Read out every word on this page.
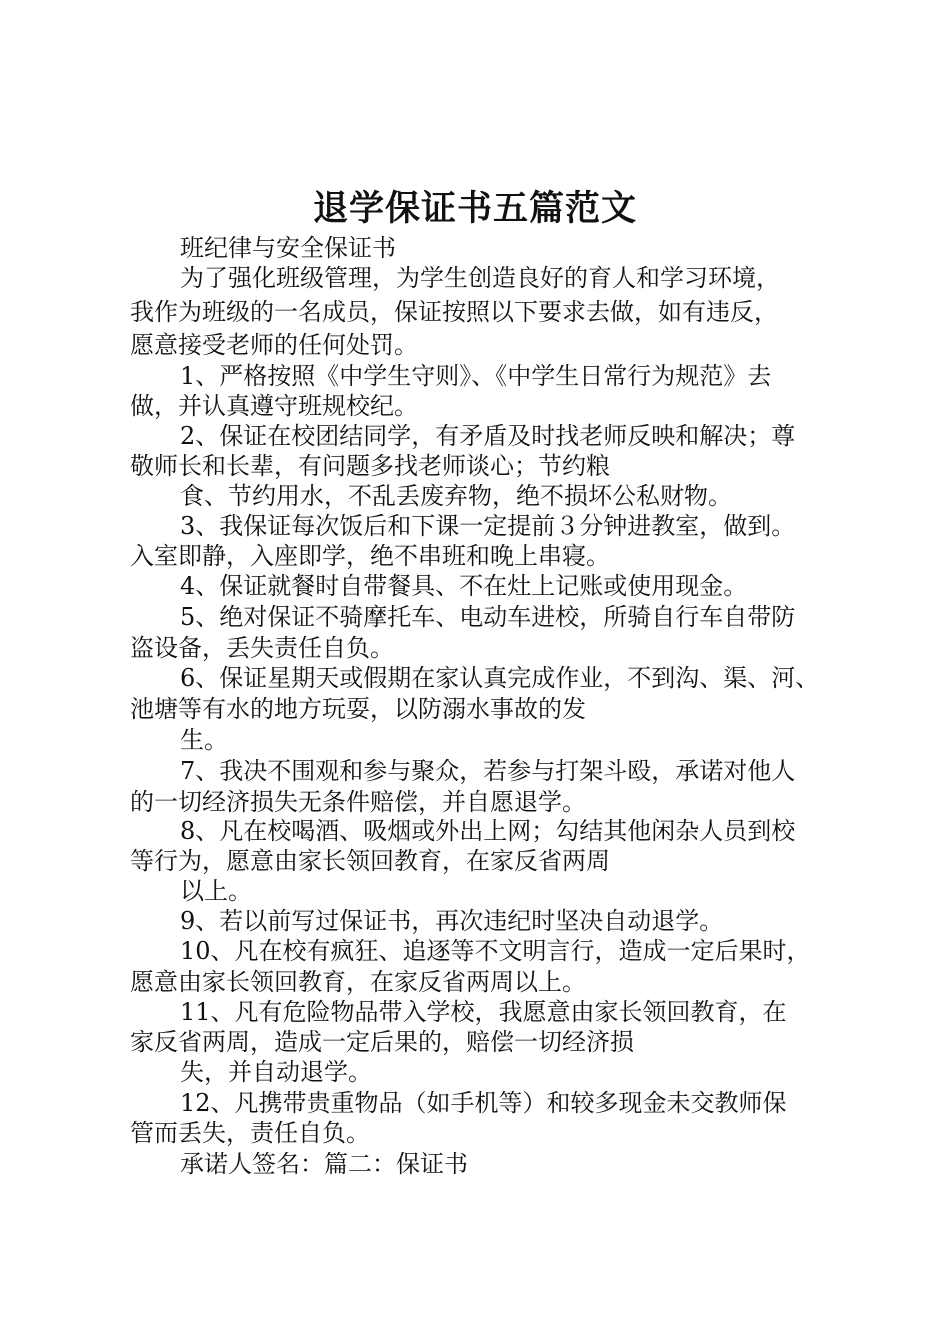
退学保证书五篇范文
班纪律与安全保证书
为了强化班级管理，为学生创造良好的育人和学习环境，
我作为班级的一名成员，保证按照以下要求去做，如有违反，
愿意接受老师的任何处罚。
1、严格按照《中学生守则》、《中学生日常行为规范》去
做，并认真遵守班规校纪。
2、保证在校团结同学，有矛盾及时找老师反映和解决；尊
敬师长和长辈，有问题多找老师谈心；节约粮
食、节约用水，不乱丢废弃物，绝不损坏公私财物。
3、我保证每次饭后和下课一定提前３分钟进教室，做到。
入室即静，入座即学，绝不串班和晚上串寝。
4、保证就餐时自带餐具、不在灶上记账或使用现金。
5、绝对保证不骑摩托车、电动车进校，所骑自行车自带防
盗设备，丢失责任自负。
6、保证星期天或假期在家认真完成作业，不到沟、渠、河、
池塘等有水的地方玩耍，以防溺水事故的发
生。
7、我决不围观和参与聚众，若参与打架斗殴，承诺对他人
的一切经济损失无条件赔偿，并自愿退学。
8、凡在校喝酒、吸烟或外出上网；勾结其他闲杂人员到校
等行为，愿意由家长领回教育，在家反省两周
以上。
9、若以前写过保证书，再次违纪时坚决自动退学。
10、凡在校有疯狂、追逐等不文明言行，造成一定后果时，
愿意由家长领回教育，在家反省两周以上。
11、凡有危险物品带入学校，我愿意由家长领回教育，在
家反省两周，造成一定后果的，赔偿一切经济损
失，并自动退学。
12、凡携带贵重物品（如手机等）和较多现金未交教师保
管而丢失，责任自负。
承诺人签名：篇二：保证书
